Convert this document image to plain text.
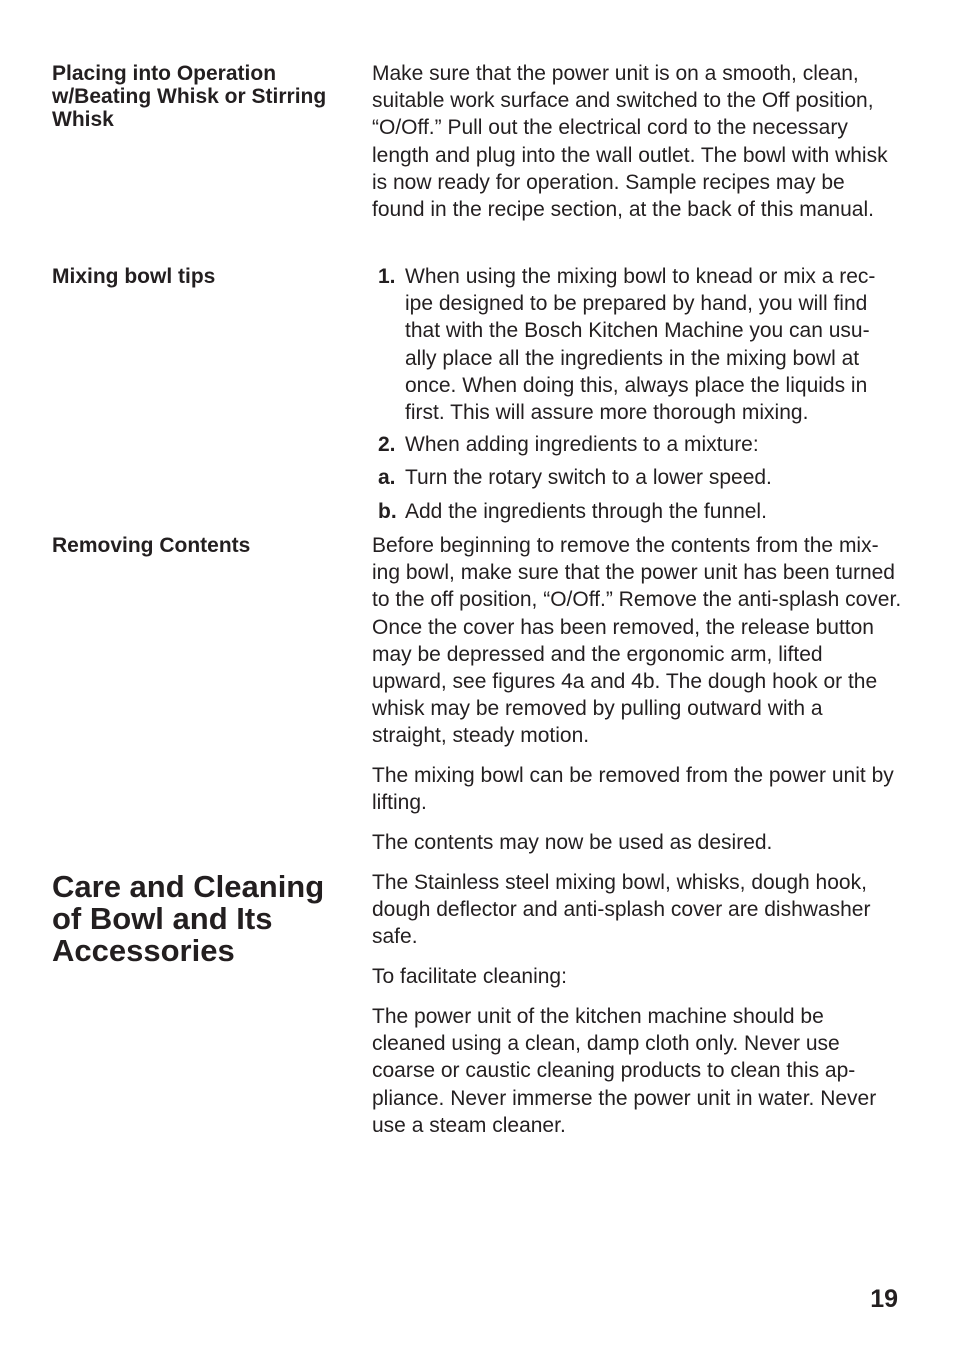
Placing into Operation w/Beating Whisk or Stirring Whisk

Make sure that the power unit is on a smooth, clean, suitable work surface and switched to the Off position, “O/Off.” Pull out the electrical cord to the necessary length and plug into the wall outlet. The bowl with whisk is now ready for operation. Sample recipes may be found in the recipe section, at the back of this manual.

Mixing bowl tips	1. When using the mixing bowl to knead or mix a rec-ipe designed to be prepared by hand, you will find that with the Bosch Kitchen Machine you can usu-ally place all the ingredients in the mixing bowl at once. When doing this, always place the liquids in first. This will assure more thorough mixing.
2. When adding ingredients to a mixture:
a. Turn the rotary switch to a lower speed.
b. Add the ingredients through the funnel.
Removing Contents	Before beginning to remove the contents from the mix-ing bowl, make sure that the power unit has been turned to the off position, “O/Off.” Remove the anti-splash cover. Once the cover has been removed, the release button may be depressed and the ergonomic arm, lifted upward, see figures 4a and 4b. The dough hook or the whisk may be removed by pulling outward with a straight, steady motion.

The mixing bowl can be removed from the power unit by lifting.

The contents may now be used as desired.

Care and Cleaning of Bowl and Its Accessories

The Stainless steel mixing bowl, whisks, dough hook, dough deflector and anti-splash cover are dishwasher safe.

To facilitate cleaning:

The power unit of the kitchen machine should be cleaned using a clean, damp cloth only. Never use coarse or caustic cleaning products to clean this ap-pliance. Never immerse the power unit in water. Never use a steam cleaner.

19
